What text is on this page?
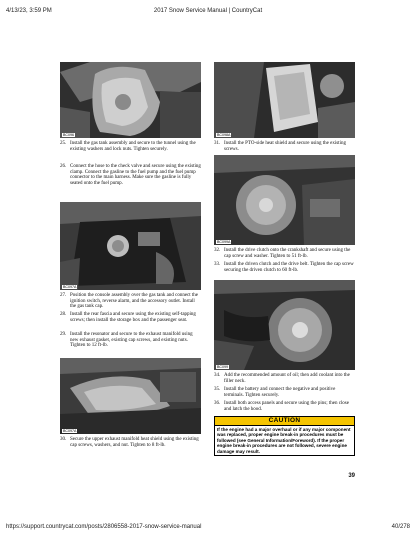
4/13/23, 3:59 PM	2017 Snow Service Manual | CountryCat
BC096
25. Install the gas tank assembly and secure to the tunnel using the existing washers and lock nuts. Tighten securely.
26. Connect the hose to the check valve and secure using the existing clamp. Connect the gasline to the fuel pump and the fuel pump connector to the main harness. Make sure the gasline is fully seated onto the fuel pump.
BC097A
27. Position the console assembly over the gas tank and connect the ignition switch, reverse alarm, and the accessory outlet. Install the gas tank cap.
28. Install the rear fascia and secure using the existing self-tapping screws; then install the storage box and the passenger seat.
29. Install the resonator and secure to the exhaust manifold using new exhaust gasket, existing cap screws, and existing nuts. Tighten to 12 ft-lb.
BC097A
30. Secure the upper exhaust manifold heat shield using the existing cap screws, washers, and nut. Tighten to 8 ft-lb.
BC098A
31. Install the PTO-side heat shield and secure using the existing screws.
BC099A
32. Install the drive clutch onto the crankshaft and secure using the cap screw and washer. Tighten to 51 ft-lb.
33. Install the driven clutch and the drive belt. Tighten the cap screw securing the driven clutch to 60 ft-lb.
BC099
34. Add the recommended amount of oil; then add coolant into the filler neck.
35. Install the battery and connect the negative and positive terminals. Tighten securely.
36. Install both access panels and secure using the pins; then close and latch the hood.
CAUTION
If the engine had a major overhaul or if any major component was replaced, proper engine break-in procedures must be followed (see General Information/Foreword). If the proper engine break-in procedures are not followed, severe engine damage may result.
39
https://support.countrycat.com/posts/2806558-2017-snow-service-manual	40/278
